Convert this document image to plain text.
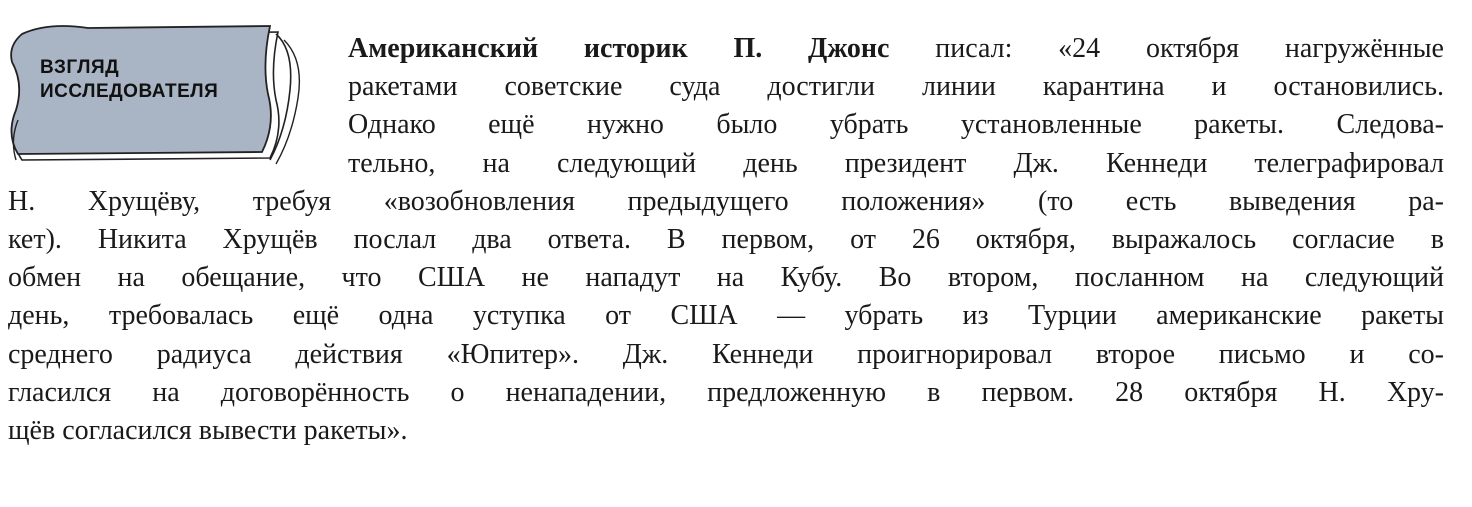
ВЗГЛЯД
ИССЛЕДОВАТЕЛЯ
Американский историк П. Джонс писал: «24 октября нагружённые
ракетами советские суда достигли линии карантина и остановились.
Однако ещё нужно было убрать установленные ракеты. Следова-
тельно, на следующий день президент Дж. Кеннеди телеграфировал
Н. Хрущёву, требуя «возобновления предыдущего положения» (то есть выведения ра-
кет). Никита Хрущёв послал два ответа. В первом, от 26 октября, выражалось согласие в
обмен на обещание, что США не нападут на Кубу. Во втором, посланном на следующий
день, требовалась ещё одна уступка от США — убрать из Турции американские ракеты
среднего радиуса действия «Юпитер». Дж. Кеннеди проигнорировал второе письмо и со-
гласился на договорённость о ненападении, предложенную в первом. 28 октября Н. Хру-
щёв согласился вывести ракеты».
